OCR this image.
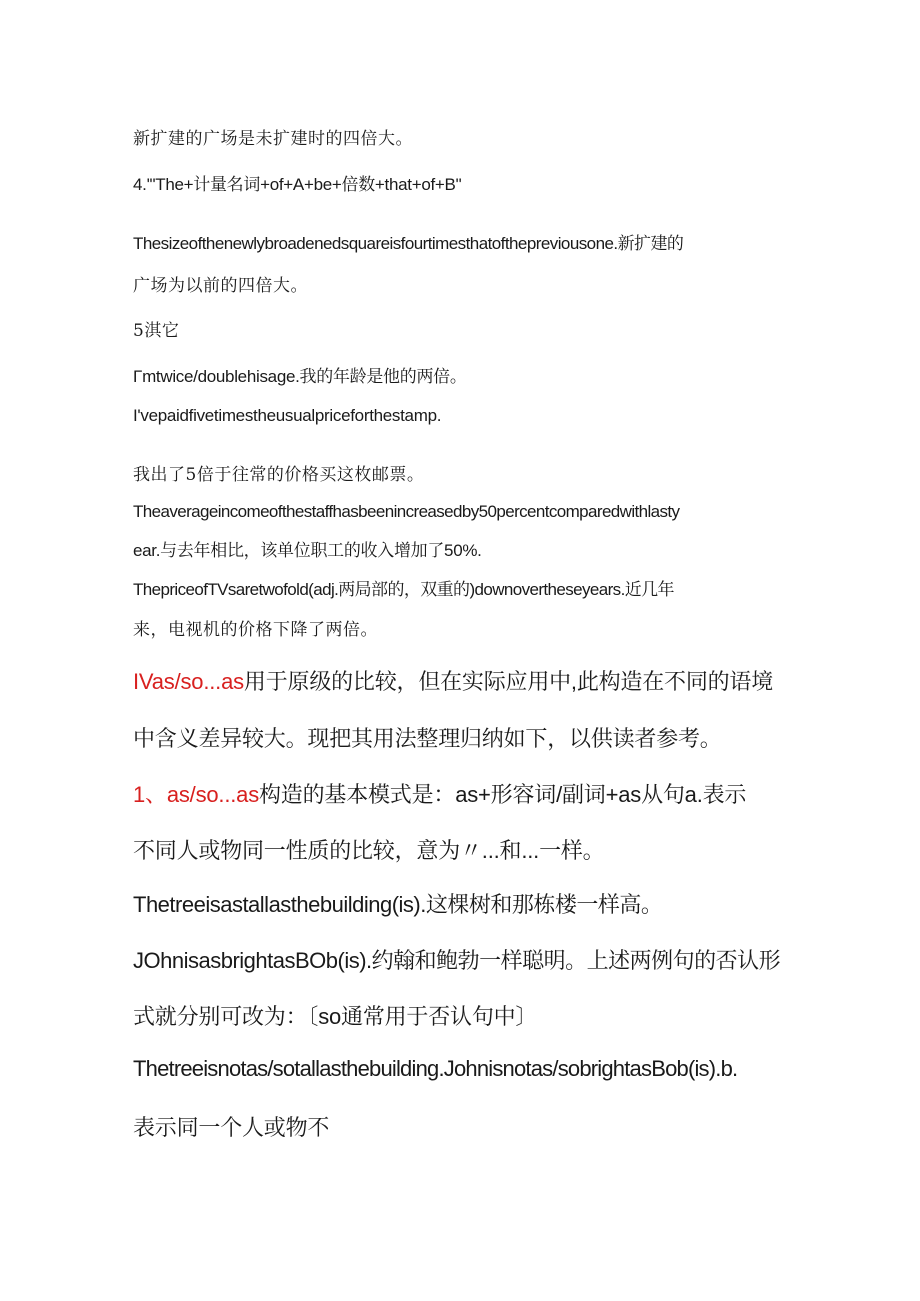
新扩建的广场是未扩建时的四倍大。

4.'"The+计量名词+of+A+be+倍数+that+of+B"

Thesizeofthenewlybroadenedsquareisfourtimesthatofthepreviousone.新扩建的

广场为以前的四倍大。

5淇它

Γmtwice/doublehisage.我的年龄是他的两倍。

I'vepaidfivetimestheusualpriceforthestamp.

我出了5倍于往常的价格买这枚邮票。

Theaverageincomeofthestaffhasbeenincreasedby50percentcomparedwithlasty

ear.与去年相比，该单位职工的收入增加了50%.

ThepriceofTVsaretwofold(adj.两局部的，双重的)downovertheseyears.近几年

来，电视机的价格下降了两倍。

IVas/so...as用于原级的比较，但在实际应用中,此构造在不同的语境

中含义差异较大。现把其用法整理归纳如下，以供读者参考。

1、as/so...as构造的基本模式是：as+形容词/副词+as从句a.表示

不同人或物同一性质的比较，意为〃...和...一样。

Thetreeisastallasthebuilding(is).这棵树和那栋楼一样高。

JOhnisasbrightasBOb(is).约翰和鲍勃一样聪明。上述两例句的否认形

式就分别可改为：〔so通常用于否认句中〕

Thetreeisnotas/sotallasthebuilding.Johnisnotas/sobrightasBob(is).b.

表示同一个人或物不
